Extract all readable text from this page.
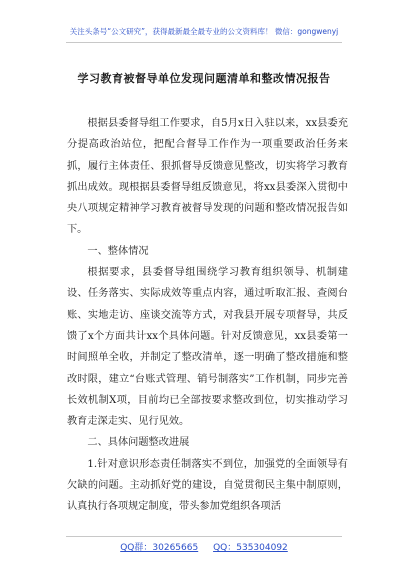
关注头条号“公文研究”，获得最新最全最专业的公文资料库！ 微信：gongwenyj
学习教育被督导单位发现问题清单和整改情况报告

根据县委督导组工作要求，自5月x日入驻以来，xx县委充分提高政治站位，把配合督导工作作为一项重要政治任务来抓，履行主体责任、狠抓督导反馈意见整改，切实将学习教育抓出成效。现根据县委督导组反馈意见，将xx县委深入贯彻中央八项规定精神学习教育被督导发现的问题和整改情况报告如下。

一、整体情况

根据要求，县委督导组围绕学习教育组织领导、机制建设、任务落实、实际成效等重点内容，通过听取汇报、查阅台账、实地走访、座谈交流等方式，对我县开展专项督导，共反馈了x个方面共计xx个具体问题。针对反馈意见，xx县委第一时间照单全收，并制定了整改清单，逐一明确了整改措施和整改时限，建立“台账式管理、销号制落实”工作机制，同步完善长效机制X项，目前均已全部按要求整改到位，切实推动学习教育走深走实、见行见效。

二、具体问题整改进展

1.针对意识形态责任制落实不到位，加强党的全面领导有欠缺的问题。主动抓好党的建设，自觉贯彻民主集中制原则，认真执行各项规定制度，带头参加党组织各项活

QQ群：30265665 QQ：535304092
